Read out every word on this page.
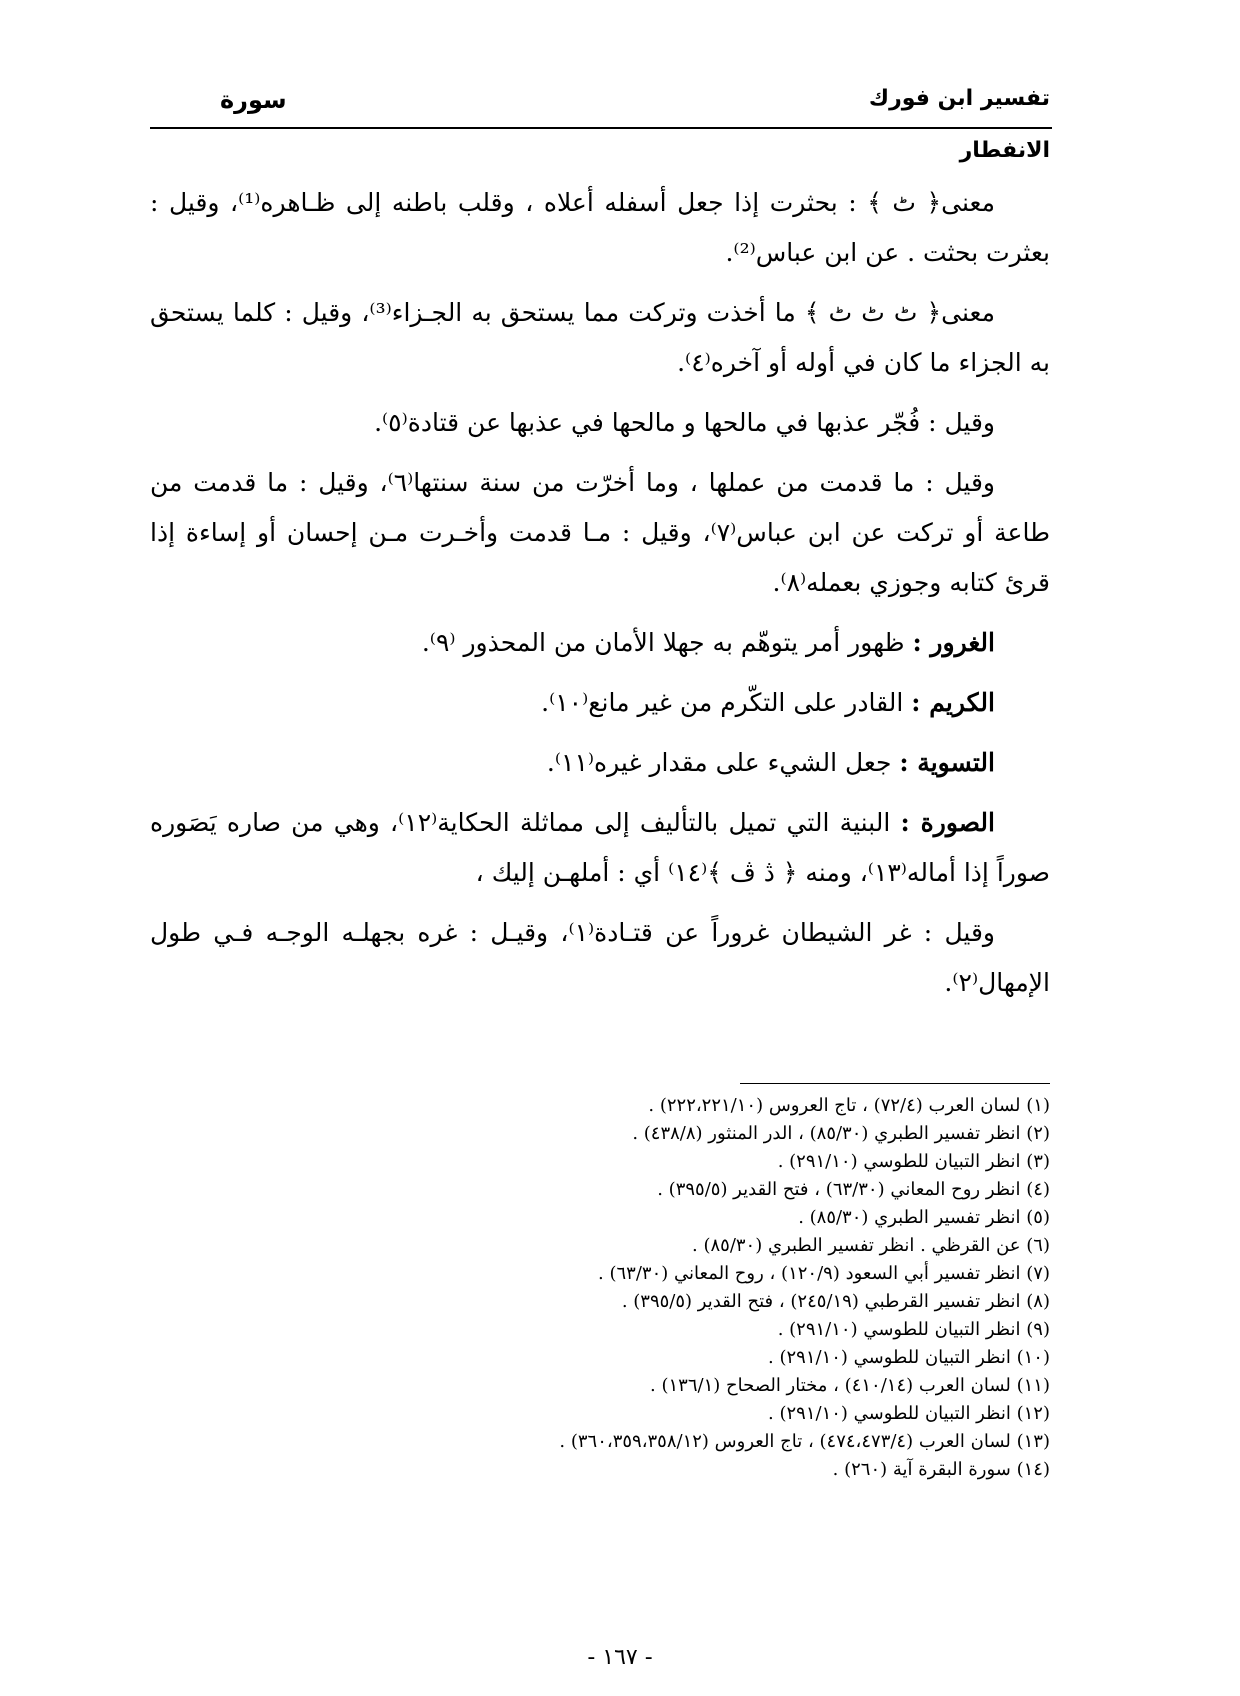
تفسير ابن فورك
سورة
الانفطار

معنى﴿ ٹ ﴾ : بحثرت إذا جعل أسفله أعلاه ، وقلب باطنه إلى ظـاهره⁽¹⁾، وقيل : بعثرت بحثت . عن ابن عباس⁽²⁾.

معنى﴿ ٹ ٹ ٹ ﴾ ما أخذت وتركت مما يستحق به الجـزاء⁽³⁾، وقيل : كلما يستحق به الجزاء ما كان في أوله أو آخره⁽٤⁾.

وقيل : فُجّر عذبها في مالحها و مالحها في عذبها عن قتادة⁽٥⁾.

وقيل : ما قدمت من عملها ، وما أخرّت من سنة سنتها⁽٦⁾، وقيل : ما قدمت من طاعة أو تركت عن ابن عباس⁽٧⁾، وقيل : مـا قدمت وأخـرت مـن إحسان أو إساءة إذا قرئ كتابه وجوزي بعمله⁽٨⁾.

الغرور : ظهور أمر يتوهّم به جهلا الأمان من المحذور ⁽٩⁾.

الكريم : القادر على التكّرم من غير مانع⁽١٠⁾.

التسوية : جعل الشيء على مقدار غيره⁽١١⁾.

الصورة : البنية التي تميل بالتأليف إلى مماثلة الحكاية⁽١٢⁾، وهي من صاره يَصَوره صوراً إذا أماله⁽١٣⁾، ومنه ﴿ ڎ ڤ ﴾⁽١٤⁾ أي : أملهـن إليك ،

وقيل : غر الشيطان غروراً عن قتـادة⁽١⁾، وقيـل : غره بجهلـه الوجـه فـي طول الإمهال⁽٢⁾.

(١) لسان العرب (٧٢/٤) ، تاج العروس (٢٢٢،٢٢١/١٠) .
(٢) انظر تفسير الطبري (٨٥/٣٠) ، الدر المنثور (٤٣٨/٨) .
(٣) انظر التبيان للطوسي (٢٩١/١٠) .
(٤) انظر روح المعاني (٦٣/٣٠) ، فتح القدير (٣٩٥/٥) .
(٥) انظر تفسير الطبري (٨٥/٣٠) .
(٦) عن القرظي . انظر تفسير الطبري (٨٥/٣٠) .
(٧) انظر تفسير أبي السعود (١٢٠/٩) ، روح المعاني (٦٣/٣٠) .
(٨) انظر تفسير القرطبي (٢٤٥/١٩) ، فتح القدير (٣٩٥/٥) .
(٩) انظر التبيان للطوسي (٢٩١/١٠) .
(١٠) انظر التبيان للطوسي (٢٩١/١٠) .
(١١) لسان العرب (٤١٠/١٤) ، مختار الصحاح (١٣٦/١) .
(١٢) انظر التبيان للطوسي (٢٩١/١٠) .
(١٣) لسان العرب (٤٧٤،٤٧٣/٤) ، تاج العروس (٣٦٠،٣٥٩،٣٥٨/١٢) .
(١٤) سورة البقرة آية (٢٦٠) .
- ١٦٧ -
